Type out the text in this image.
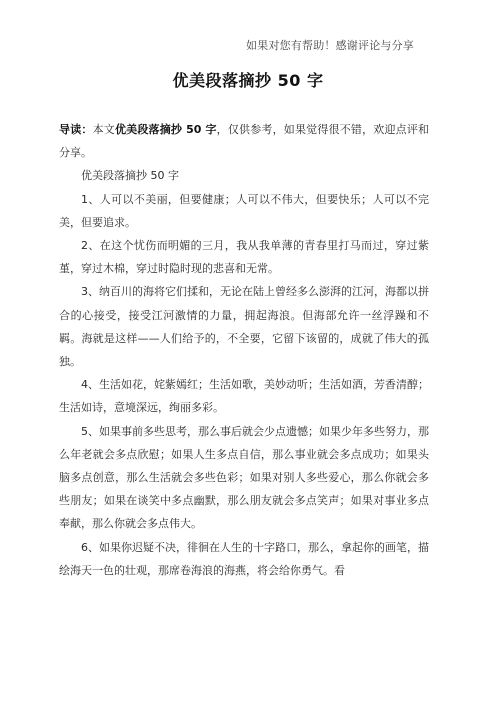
如果对您有帮助！感谢评论与分享
优美段落摘抄 50 字

导读：本文优美段落摘抄 50 字，仅供参考，如果觉得很不错，欢迎点评和分享。

优美段落摘抄 50 字

1、人可以不美丽，但要健康；人可以不伟大，但要快乐；人可以不完美，但要追求。

2、在这个忧伤而明媚的三月，我从我单薄的青春里打马而过，穿过紫堇，穿过木棉，穿过时隐时现的悲喜和无常。

3、纳百川的海将它们揉和，无论在陆上曾经多么澎湃的江河，海都以拼合的心接受，接受江河激情的力量，拥起海浪。但海部允许一丝浮躁和不羁。海就是这样——人们给予的，不全要，它留下该留的，成就了伟大的孤独。

4、生活如花，姹紫嫣红；生活如歌，美妙动听；生活如酒，芳香清醇；生活如诗，意境深远，绚丽多彩。

5、如果事前多些思考，那么事后就会少点遗憾；如果少年多些努力，那么年老就会多点欣慰；如果人生多点自信，那么事业就会多点成功；如果头脑多点创意，那么生活就会多些色彩；如果对别人多些爱心，那么你就会多些朋友；如果在谈笑中多点幽默，那么朋友就会多点笑声；如果对事业多点奉献，那么你就会多点伟大。

6、如果你迟疑不决，徘徊在人生的十字路口，那么，拿起你的画笔，描绘海天一色的壮观，那席卷海浪的海燕，将会给你勇气。看
